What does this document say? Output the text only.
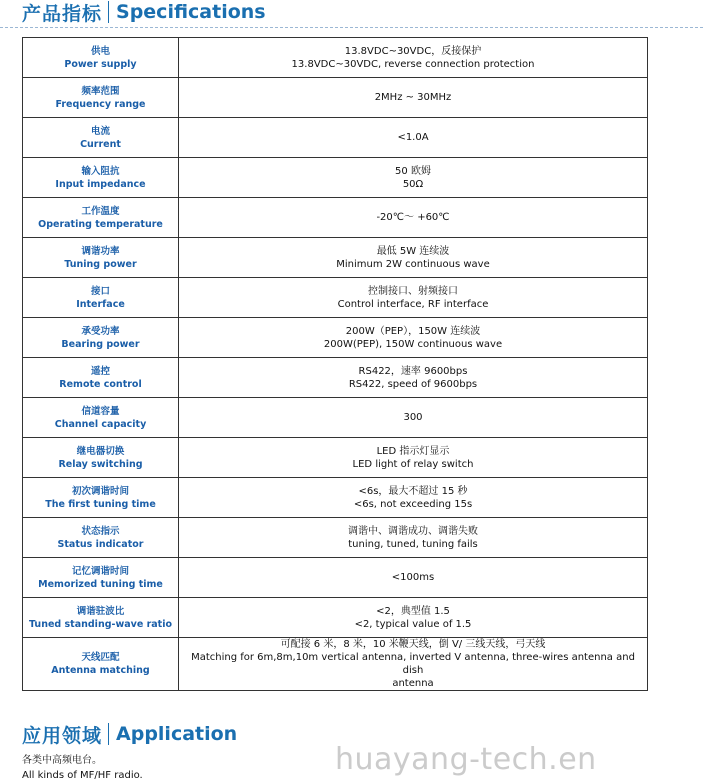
产品指标 Specifications
供电
Power supply	13.8VDC~30VDC，反接保护
13.8VDC~30VDC, reverse connection protection

频率范围
Frequency range	2MHz ~ 30MHz

电流
Current	<1.0A

输入阻抗
Input impedance	50 欧姆
50Ω

工作温度
Operating temperature	-20℃～ +60℃

调谐功率
Tuning power	最低 5W 连续波
Minimum 2W continuous wave

接口
Interface	控制接口、射频接口
Control interface, RF interface

承受功率
Bearing power	200W（PEP），150W 连续波
200W(PEP), 150W continuous wave

遥控
Remote control	RS422，速率 9600bps
RS422, speed of 9600bps

信道容量
Channel capacity	300

继电器切换
Relay switching	LED 指示灯显示
LED light of relay switch

初次调谐时间
The first tuning time	<6s，最大不超过 15 秒
<6s, not exceeding 15s

状态指示
Status indicator	调谐中、调谐成功、调谐失败
tuning, tuned, tuning fails

记忆调谐时间
Memorized tuning time	<100ms

调谐驻波比
Tuned standing-wave ratio	<2，典型值 1.5
<2, typical value of 1.5

天线匹配
Antenna matching	可配接 6 米，8 米，10 米鞭天线，倒 V/ 三线天线，弓天线
Matching for 6m,8m,10m vertical antenna, inverted V antenna, three-wires antenna and dish
antenna
应用领域 Application
各类中高频电台。
All kinds of MF/HF radio.	huayang-tech.en
